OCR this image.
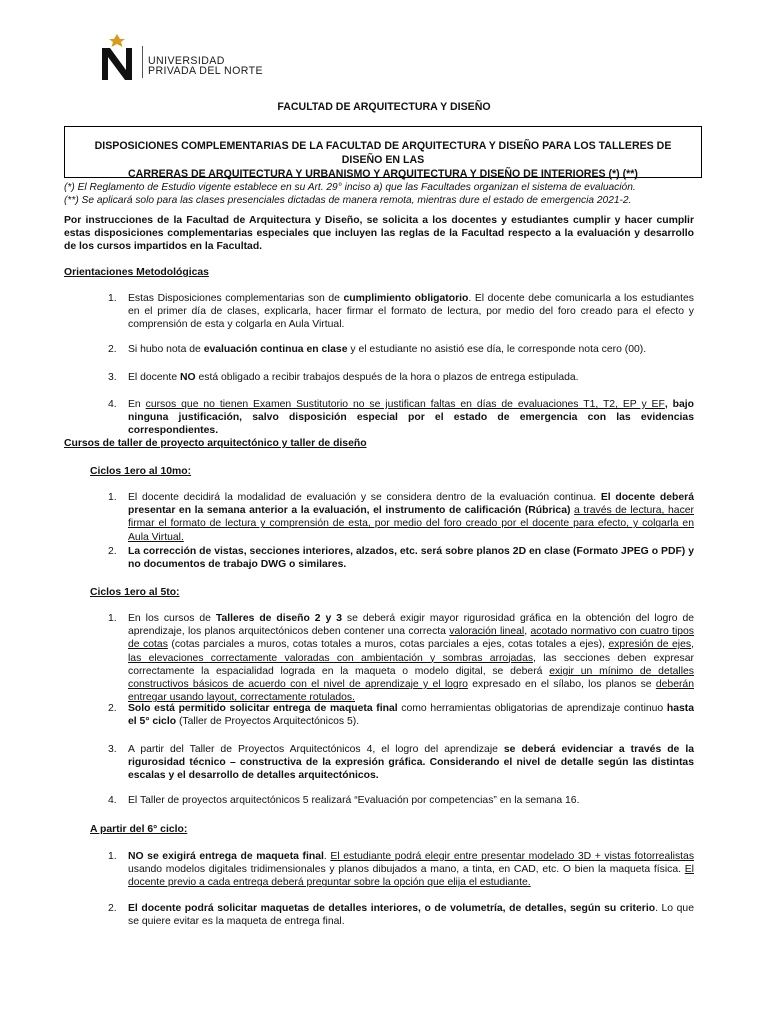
UNIVERSIDAD
PRIVADA DEL NORTE
FACULTAD DE ARQUITECTURA Y DISEÑO
DISPOSICIONES COMPLEMENTARIAS DE LA FACULTAD DE ARQUITECTURA Y DISEÑO PARA LOS TALLERES DE DISEÑO EN LAS
CARRERAS DE ARQUITECTURA Y URBANISMO Y ARQUITECTURA Y DISEÑO DE INTERIORES (*) (**)
(*) El Reglamento de Estudio vigente establece en su Art. 29° inciso a) que las Facultades organizan el sistema de evaluación.
(**) Se aplicará solo para las clases presenciales dictadas de manera remota, mientras dure el estado de emergencia 2021-2.
Por instrucciones de la Facultad de Arquitectura y Diseño, se solicita a los docentes y estudiantes cumplir y hacer cumplir estas disposiciones complementarias especiales que incluyen las reglas de la Facultad respecto a la evaluación y desarrollo de los cursos impartidos en la Facultad.
Orientaciones Metodológicas
1. Estas Disposiciones complementarias son de cumplimiento obligatorio. El docente debe comunicarla a los estudiantes en el primer día de clases, explicarla, hacer firmar el formato de lectura, por medio del foro creado para el efecto y comprensión de esta y colgarla en Aula Virtual.
2. Si hubo nota de evaluación continua en clase y el estudiante no asistió ese día, le corresponde nota cero (00).
3. El docente NO está obligado a recibir trabajos después de la hora o plazos de entrega estipulada.
4. En cursos que no tienen Examen Sustitutorio no se justifican faltas en días de evaluaciones T1, T2, EP y EF, bajo ninguna justificación, salvo disposición especial por el estado de emergencia con las evidencias correspondientes.
Cursos de taller de proyecto arquitectónico y taller de diseño
Ciclos 1ero al 10mo:
1. El docente decidirá la modalidad de evaluación y se considera dentro de la evaluación continua. El docente deberá presentar en la semana anterior a la evaluación, el instrumento de calificación (Rúbrica) a través de lectura, hacer firmar el formato de lectura y comprensión de esta, por medio del foro creado por el docente para efecto, y colgarla en Aula Virtual.
2. La corrección de vistas, secciones interiores, alzados, etc. será sobre planos 2D en clase (Formato JPEG o PDF) y no documentos de trabajo DWG o similares.
Ciclos 1ero al 5to:
1. En los cursos de Talleres de diseño 2 y 3 se deberá exigir mayor rigurosidad gráfica en la obtención del logro de aprendizaje, los planos arquitectónicos deben contener una correcta valoración lineal, acotado normativo con cuatro tipos de cotas (cotas parciales a muros, cotas totales a muros, cotas parciales a ejes, cotas totales a ejes), expresión de ejes, las elevaciones correctamente valoradas con ambientación y sombras arrojadas, las secciones deben expresar correctamente la espacialidad lograda en la maqueta o modelo digital, se deberá exigir un mínimo de detalles constructivos básicos de acuerdo con el nivel de aprendizaje y el logro expresado en el sílabo, los planos se deberán entregar usando layout, correctamente rotulados.
2. Solo está permitido solicitar entrega de maqueta final como herramientas obligatorias de aprendizaje continuo hasta el 5° ciclo (Taller de Proyectos Arquitectónicos 5).
3. A partir del Taller de Proyectos Arquitectónicos 4, el logro del aprendizaje se deberá evidenciar a través de la rigurosidad técnico – constructiva de la expresión gráfica. Considerando el nivel de detalle según las distintas escalas y el desarrollo de detalles arquitectónicos.
4. El Taller de proyectos arquitectónicos 5 realizará “Evaluación por competencias” en la semana 16.
A partir del 6° ciclo:
1. NO se exigirá entrega de maqueta final. El estudiante podrá elegir entre presentar modelado 3D + vistas fotorrealistas usando modelos digitales tridimensionales y planos dibujados a mano, a tinta, en CAD, etc. O bien la maqueta física. El docente previo a cada entrega deberá preguntar sobre la opción que elija el estudiante.
2. El docente podrá solicitar maquetas de detalles interiores, o de volumetría, de detalles, según su criterio. Lo que se quiere evitar es la maqueta de entrega final.
